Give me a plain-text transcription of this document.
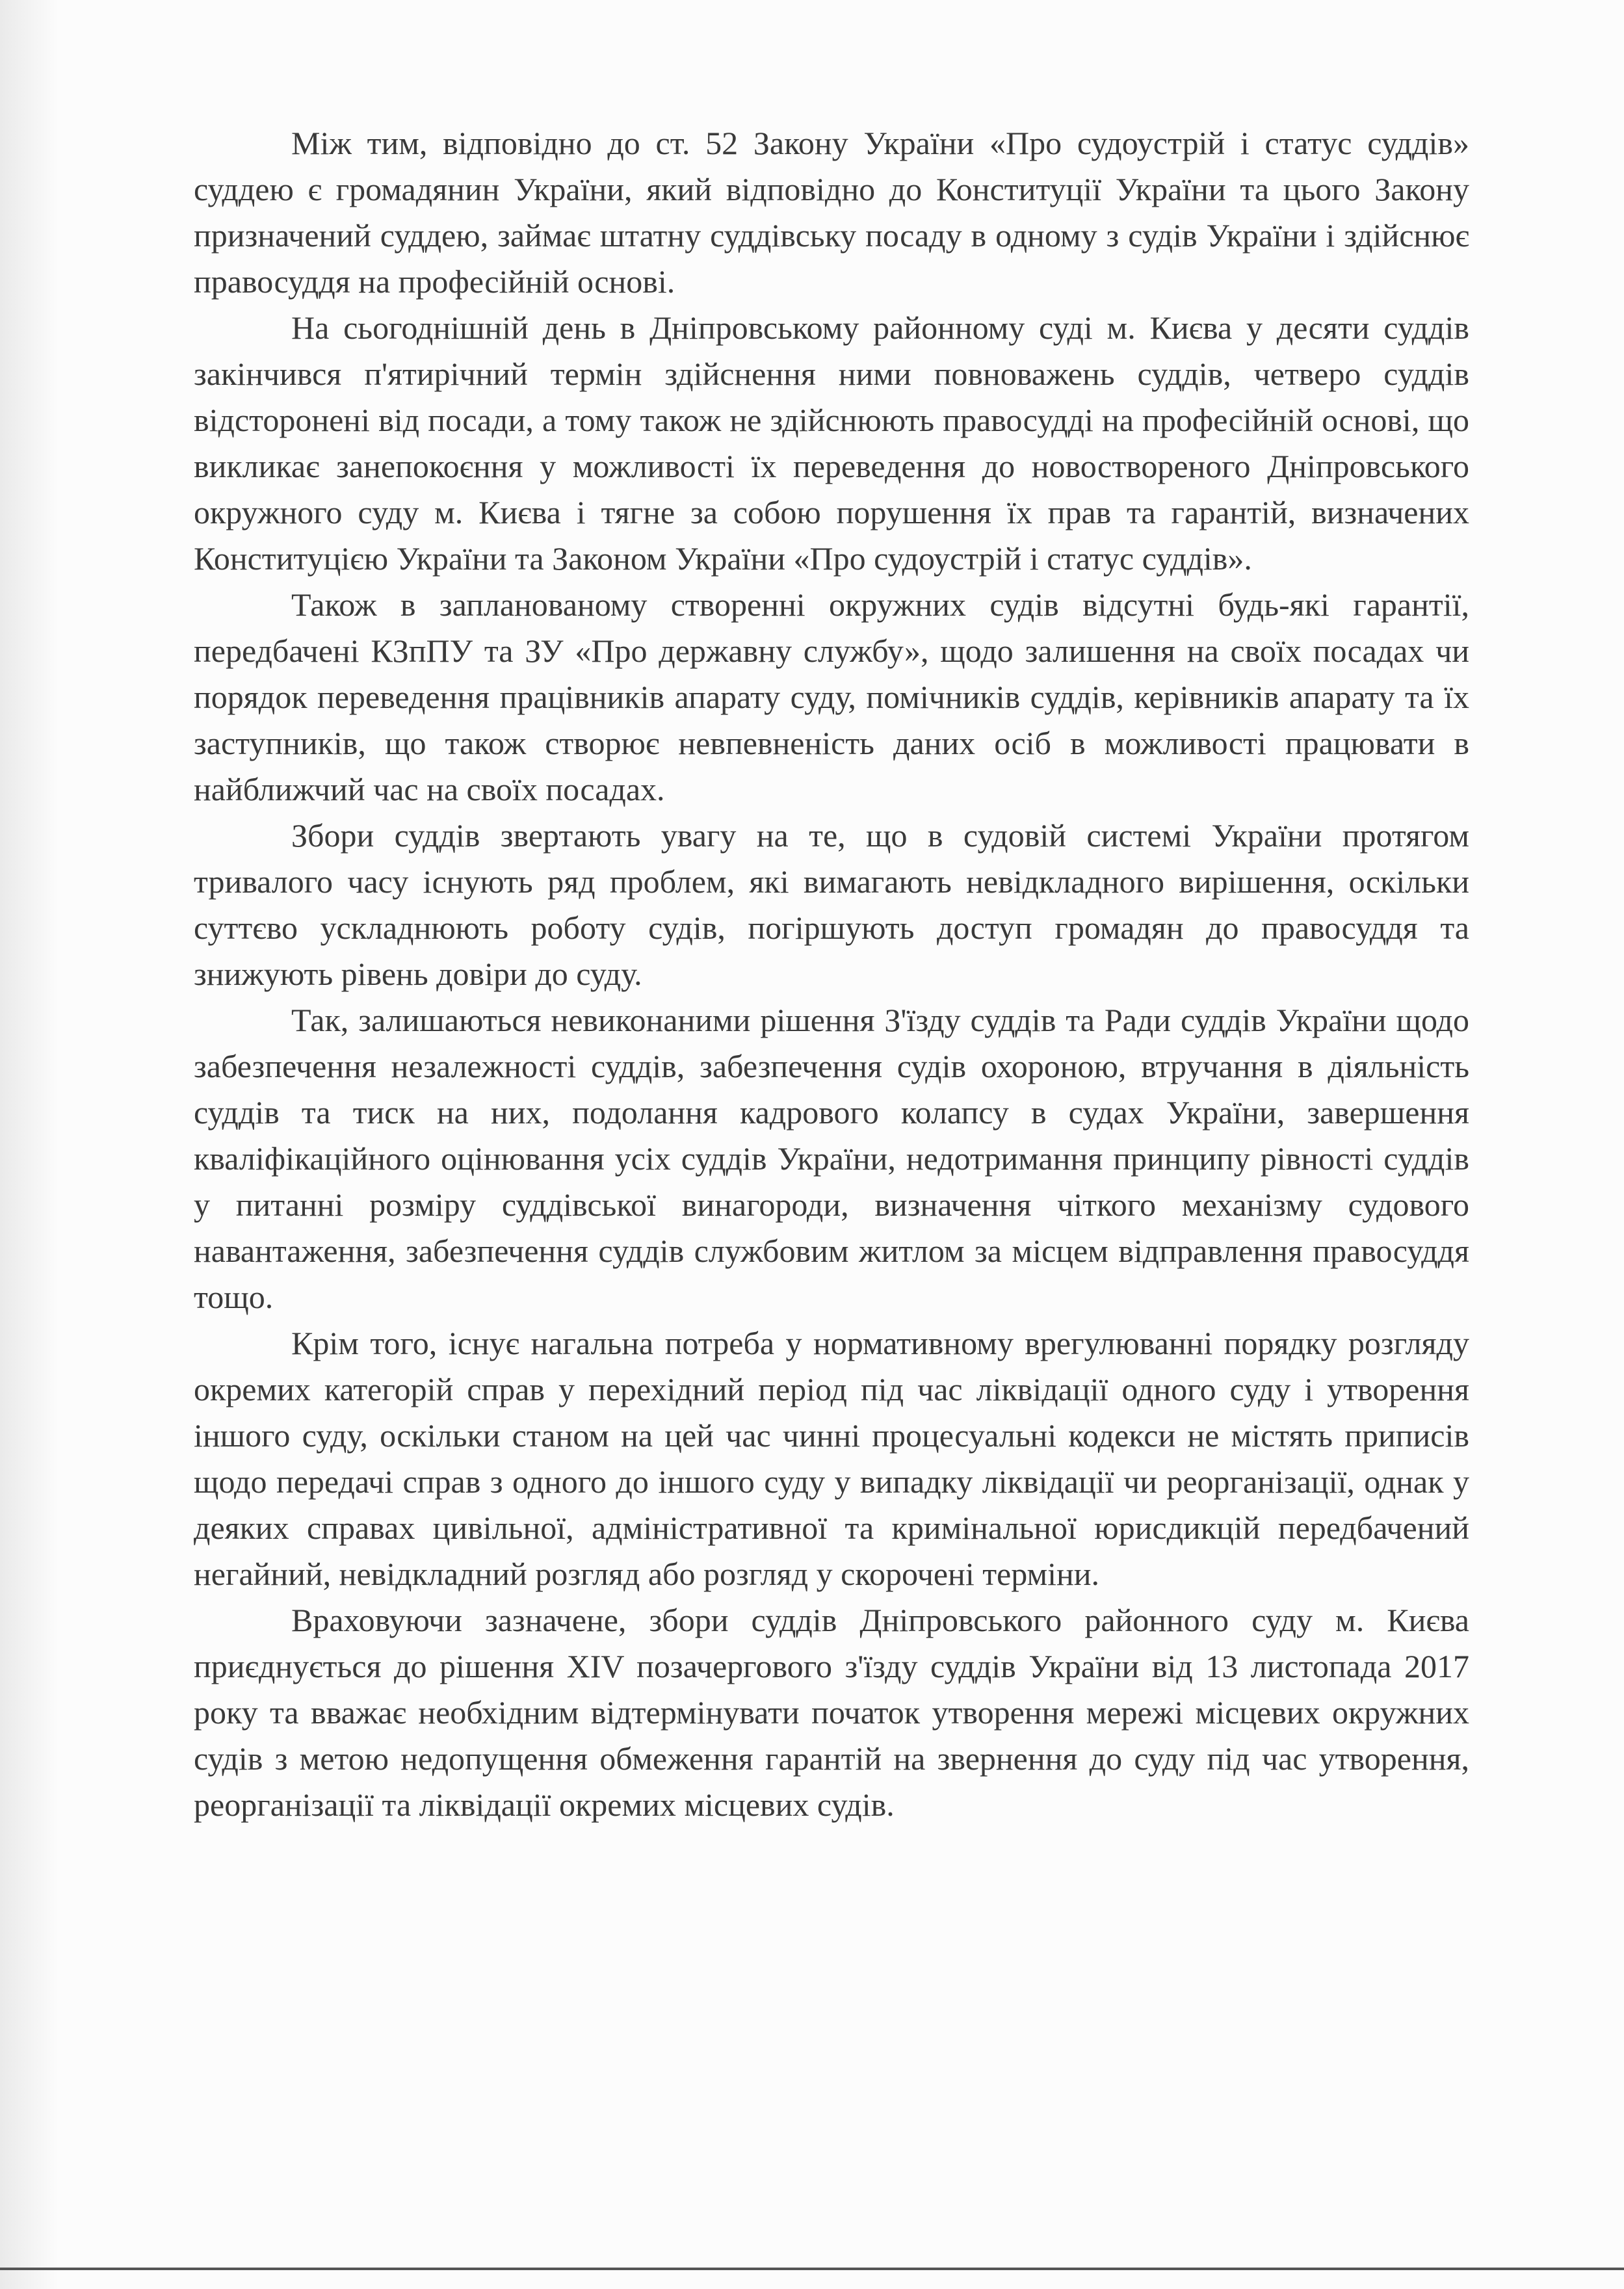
Між тим, відповідно до ст. 52 Закону України «Про судоустрій і статус суддів» суддею є громадянин України, який відповідно до Конституції України та цього Закону призначений суддею, займає штатну суддівську посаду в одному з судів України і здійснює правосуддя на професійній основі.

На сьогоднішній день в Дніпровському районному суді м. Києва у десяти суддів закінчився п'ятирічний термін здійснення ними повноважень суддів, четверо суддів відсторонені від посади, а тому також не здійснюють правосудді на професійній основі, що викликає занепокоєння у можливості їх переведення до новоствореного Дніпровського окружного суду м. Києва і тягне за собою порушення їх прав та гарантій, визначених Конституцією України та Законом України «Про судоустрій і статус суддів».

Також в запланованому створенні окружних судів відсутні будь-які гарантії, передбачені КЗпПУ та ЗУ «Про державну службу», щодо залишення на своїх посадах чи порядок переведення працівників апарату суду, помічників суддів, керівників апарату та їх заступників, що також створює невпевненість даних осіб в можливості працювати в найближчий час на своїх посадах.

Збори суддів звертають увагу на те, що в судовій системі України протягом тривалого часу існують ряд проблем, які вимагають невідкладного вирішення, оскільки суттєво ускладнюють роботу судів, погіршують доступ громадян до правосуддя та знижують рівень довіри до суду.

Так, залишаються невиконаними рішення З'їзду суддів та Ради суддів України щодо забезпечення незалежності суддів, забезпечення судів охороною, втручання в діяльність суддів та тиск на них, подолання кадрового колапсу в судах України, завершення кваліфікаційного оцінювання усіх суддів України, недотримання принципу рівності суддів у питанні розміру суддівської винагороди, визначення чіткого механізму судового навантаження, забезпечення суддів службовим житлом за місцем відправлення правосуддя тощо.

Крім того, існує нагальна потреба у нормативному врегулюванні порядку розгляду окремих категорій справ у перехідний період під час ліквідації одного суду і утворення іншого суду, оскільки станом на цей час чинні процесуальні кодекси не містять приписів щодо передачі справ з одного до іншого суду у випадку ліквідації чи реорганізації, однак у деяких справах цивільної, адміністративної та кримінальної юрисдикцій передбачений негайний, невідкладний розгляд або розгляд у скорочені терміни.

Враховуючи зазначене, збори суддів Дніпровського районного суду м. Києва приєднується до рішення XIV позачергового з'їзду суддів України від 13 листопада 2017 року та вважає необхідним відтермінувати початок утворення мережі місцевих окружних судів з метою недопущення обмеження гарантій на звернення до суду під час утворення, реорганізації та ліквідації окремих місцевих судів.
